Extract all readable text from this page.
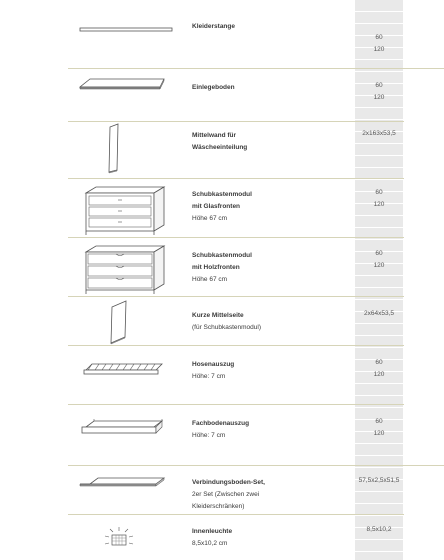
Kleiderstange
60
120
Einlegeboden	60
120
Mittelwand für
Wäscheeinteilung
2x163x53,5
Schubkastenmodul
mit Glasfronten
Höhe 67 cm
60
120
Schubkastenmodul
mit Holzfronten
Höhe 67 cm
60
120
Kurze Mittelseite
(für Schubkastenmodul)
2x64x53,5
Hosenauszug
Höhe: 7 cm
60
120
Fachbodenauszug
Höhe: 7 cm
60
120
Verbindungsboden-Set,
2er Set (Zwischen zwei
Kleiderschränken)
57,5x2,5x51,5
Innenleuchte
8,5x10,2 cm
8,5x10,2
